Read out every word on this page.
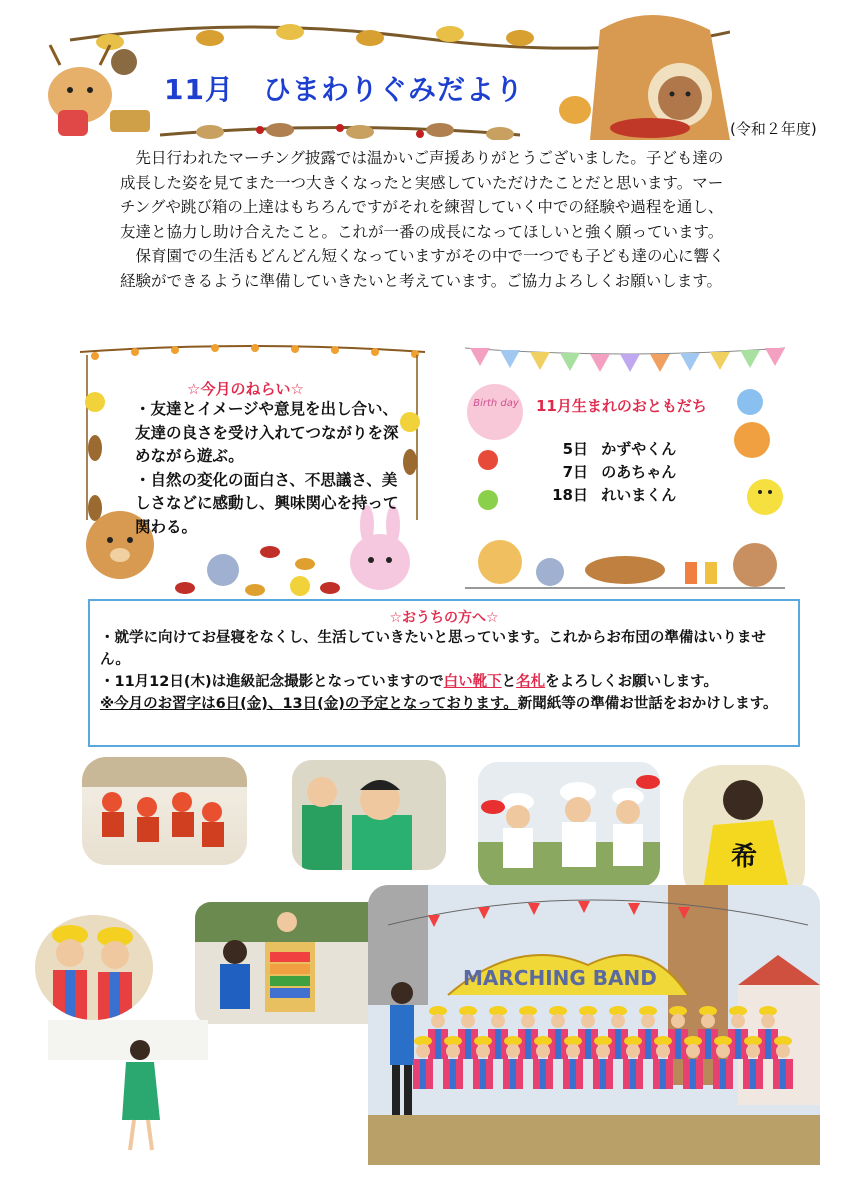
11月　ひまわりぐみだより
(令和２年度)

先日行われたマーチング披露では温かいご声援ありがとうございました。子ども達の成長した姿を見てまた一つ大きくなったと実感していただけたことだと思います。マーチングや跳び箱の上達はもちろんですがそれを練習していく中での経験や過程を通し、友達と協力し助け合えたこと。これが一番の成長になってほしいと強く願っています。

保育園での生活もどんどん短くなっていますがその中で一つでも子ども達の心に響く経験ができるように準備していきたいと考えています。ご協力よろしくお願いします。

☆今月のねらい☆
・友達とイメージや意見を出し合い、友達の良さを受け入れてつながりを深めながら遊ぶ。
・自然の変化の面白さ、不思議さ、美しさなどに感動し、興味関心を持って関わる。
Birth day 11月生まれのおともだち
5日 かずやくん
7日 のあちゃん
18日 れいまくん
☆おうちの方へ☆
・就学に向けてお昼寝をなくし、生活していきたいと思っています。これからお布団の準備はいりません。
・11月12日(木)は進級記念撮影となっていますので白い靴下と名札をよろしくお願いします。
※今月のお習字は6日(金)、13日(金)の予定となっております。新聞紙等の準備お世話をおかけします。
希
MARCHING BAND
